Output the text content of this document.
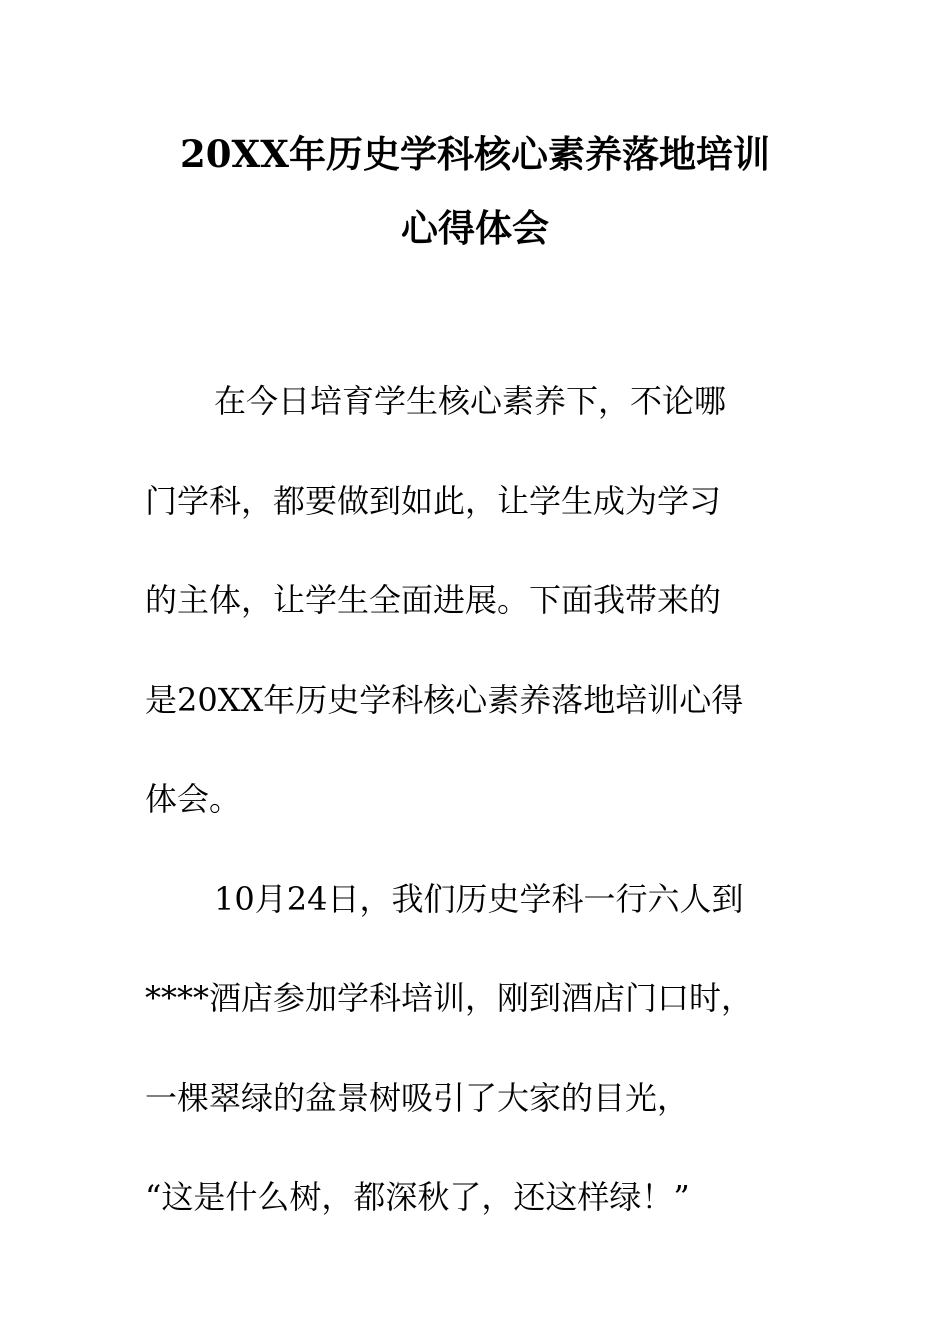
20XX年历史学科核心素养落地培训
心得体会
在今日培育学生核心素养下，不论哪
门学科，都要做到如此，让学生成为学习
的主体，让学生全面进展。下面我带来的
是20XX年历史学科核心素养落地培训心得
体会。
10月24日，我们历史学科一行六人到
****酒店参加学科培训，刚到酒店门口时，
一棵翠绿的盆景树吸引了大家的目光，
“这是什么树，都深秋了，还这样绿！”
